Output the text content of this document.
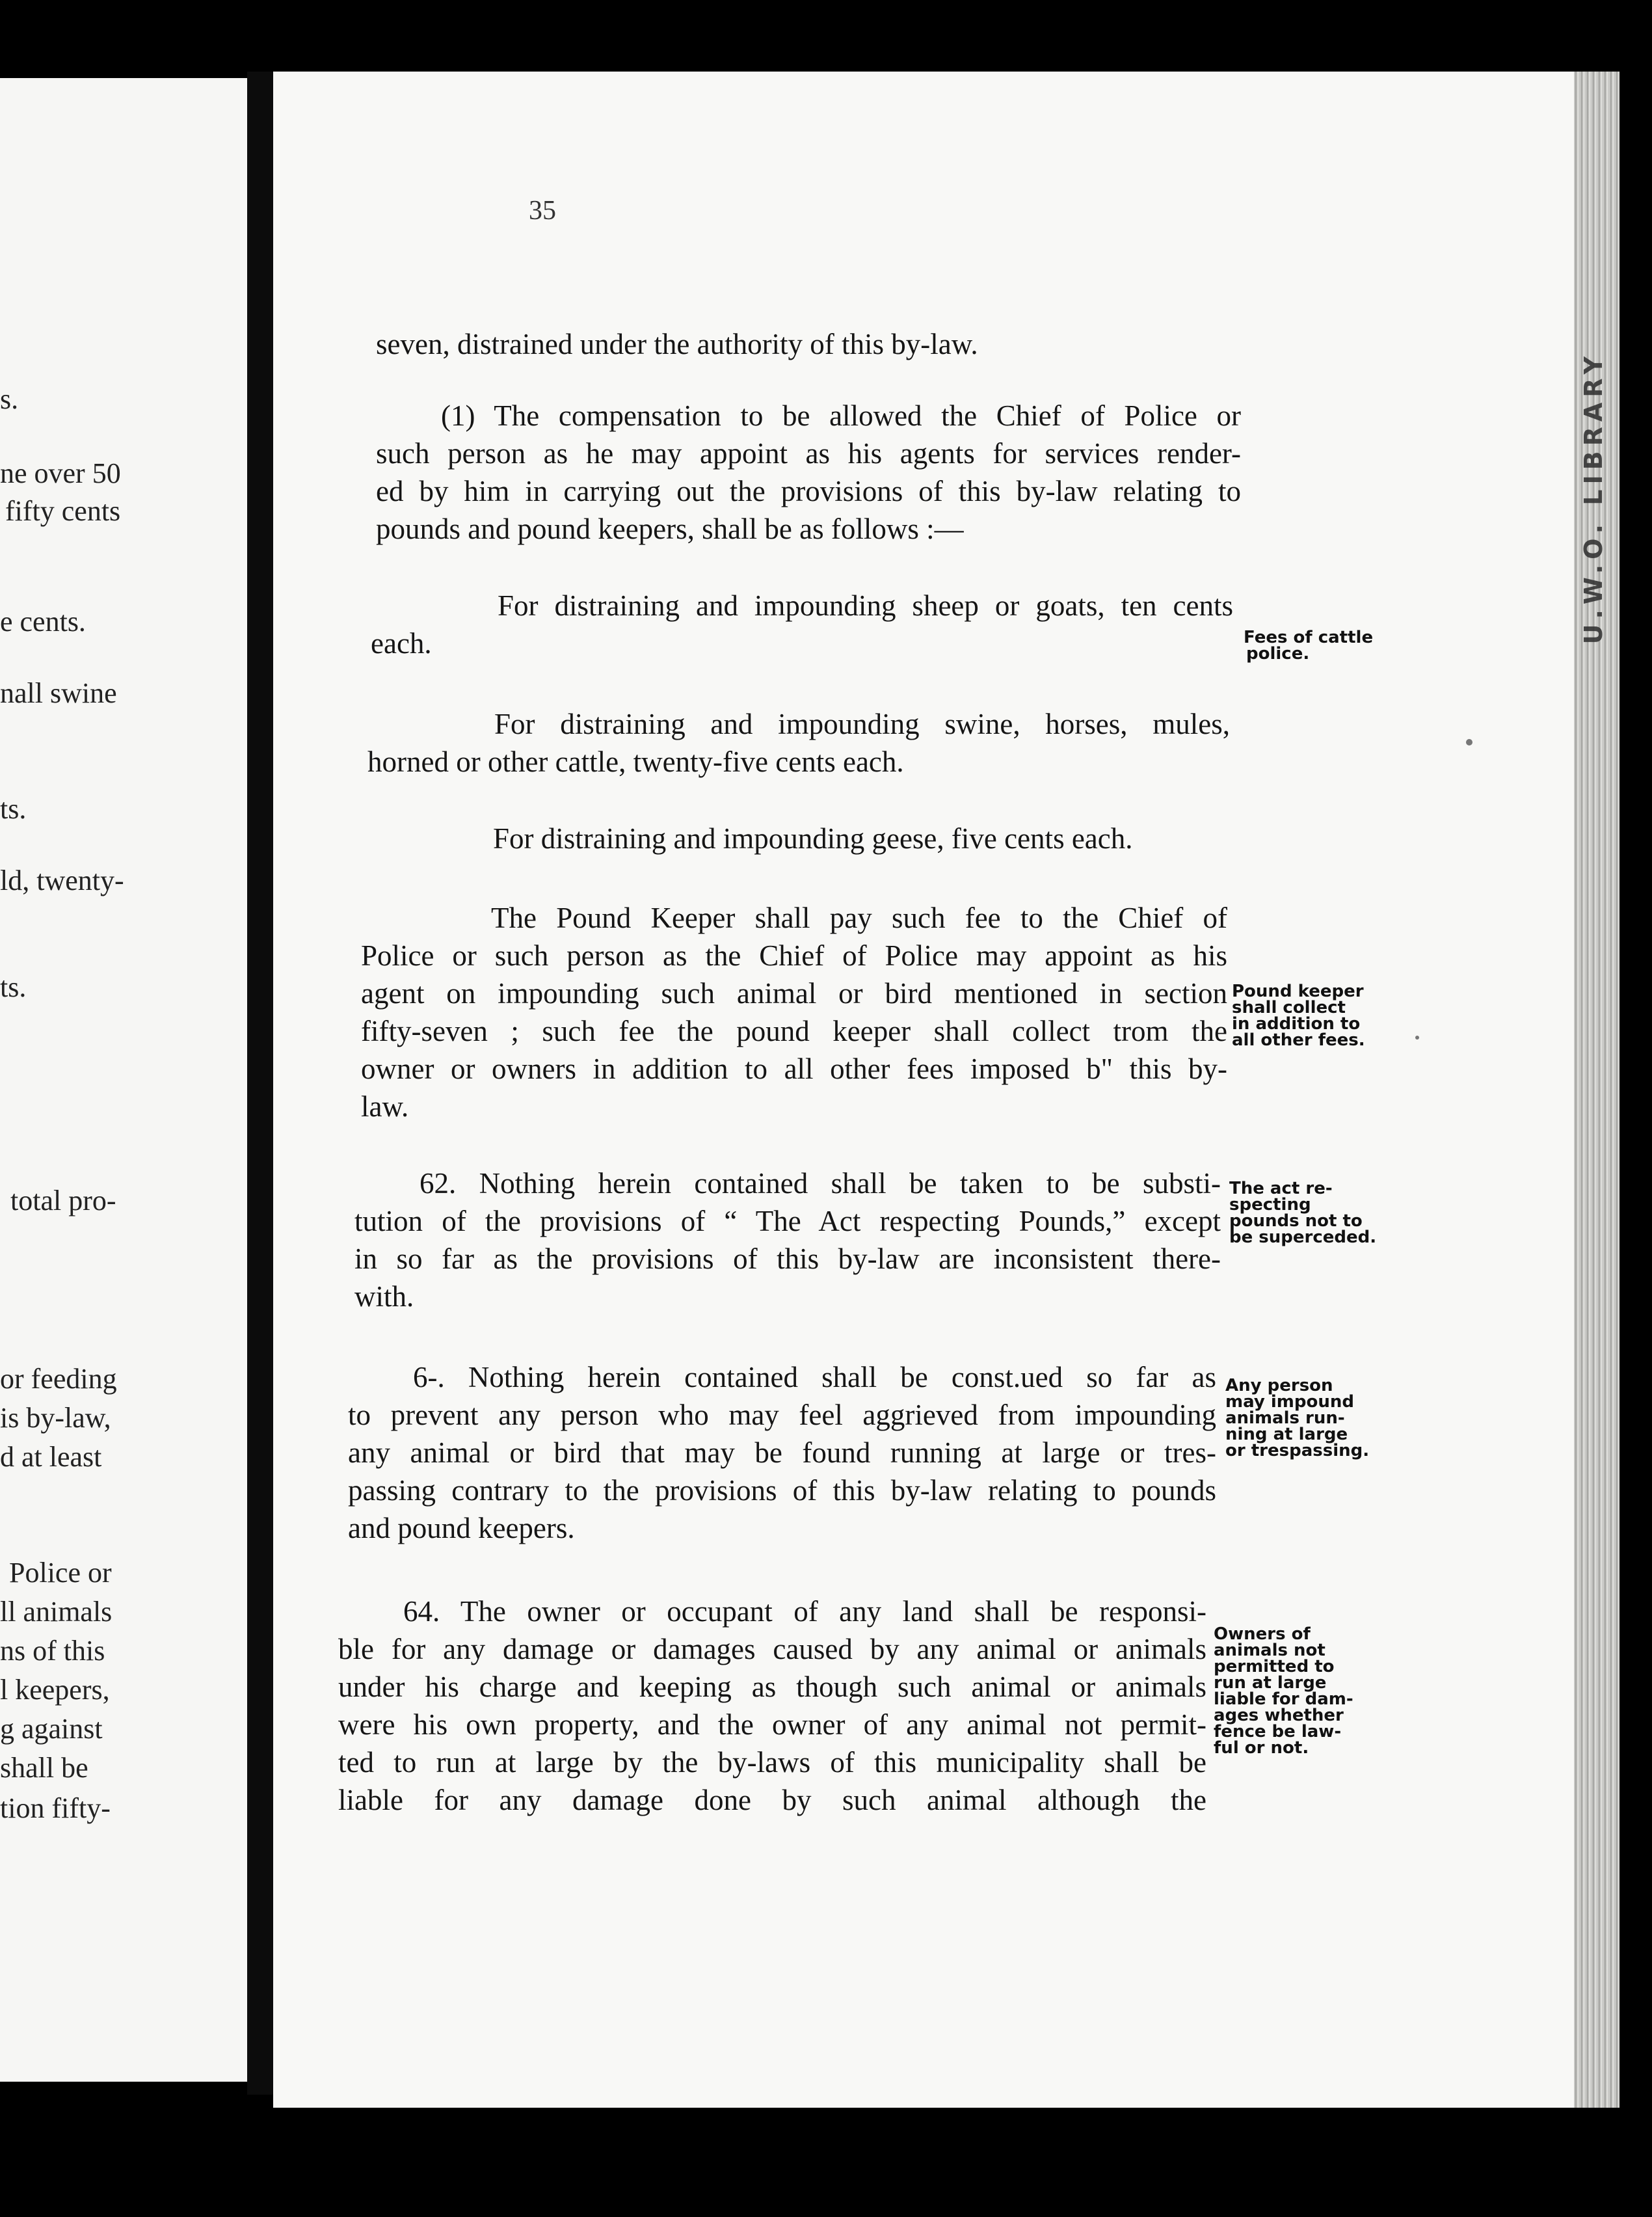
s.
ne over 50
fifty cents
e cents.
nall swine
ts.
ld, twenty-
ts.
total pro-
or feeding
is by-law,
d at least
Police or
ll animals
ns of this
l keepers,
g against
shall be
tion fifty-
U.W.O. LIBRARY
35
seven, distrained under the authority of this by-law.
(1) The compensation to be allowed the Chief of Police or
such person as he may appoint as his agents for services render-
ed by him in carrying out the provisions of this by-law relating to
pounds and pound keepers, shall be as follows :—
For distraining and impounding sheep or goats, ten cents
each.	Fees of cattle
police.
For distraining and impounding swine, horses, mules,
horned or other cattle, twenty-five cents each.
For distraining and impounding geese, five cents each.
The Pound Keeper shall pay such fee to the Chief of
Police or such person as the Chief of Police may appoint as his
agent on impounding such animal or bird mentioned in section
fifty-seven ; such fee the pound keeper shall collect trom the
owner or owners in addition to all other fees imposed b" this by-
law.
Pound keeper
shall collect
in addition to
all other fees.
62. Nothing herein contained shall be taken to be substi-
tution of the provisions of “ The Act respecting Pounds,” except
in so far as the provisions of this by-law are inconsistent there-
with.
The act re-
specting
pounds not to
be superceded.
6-. Nothing herein contained shall be const.ued so far as
to prevent any person who may feel aggrieved from impounding
any animal or bird that may be found running at large or tres-
passing contrary to the provisions of this by-law relating to pounds
and pound keepers.
Any person
may impound
animals run-
ning at large
or trespassing.
64. The owner or occupant of any land shall be responsi-
ble for any damage or damages caused by any animal or animals
under his charge and keeping as though such animal or animals
were his own property, and the owner of any animal not permit-
ted to run at large by the by-laws of this municipality shall be
liable for any damage done by such animal although the
Owners of
animals not
permitted to
run at large
liable for dam-
ages whether
fence be law-
ful or not.
